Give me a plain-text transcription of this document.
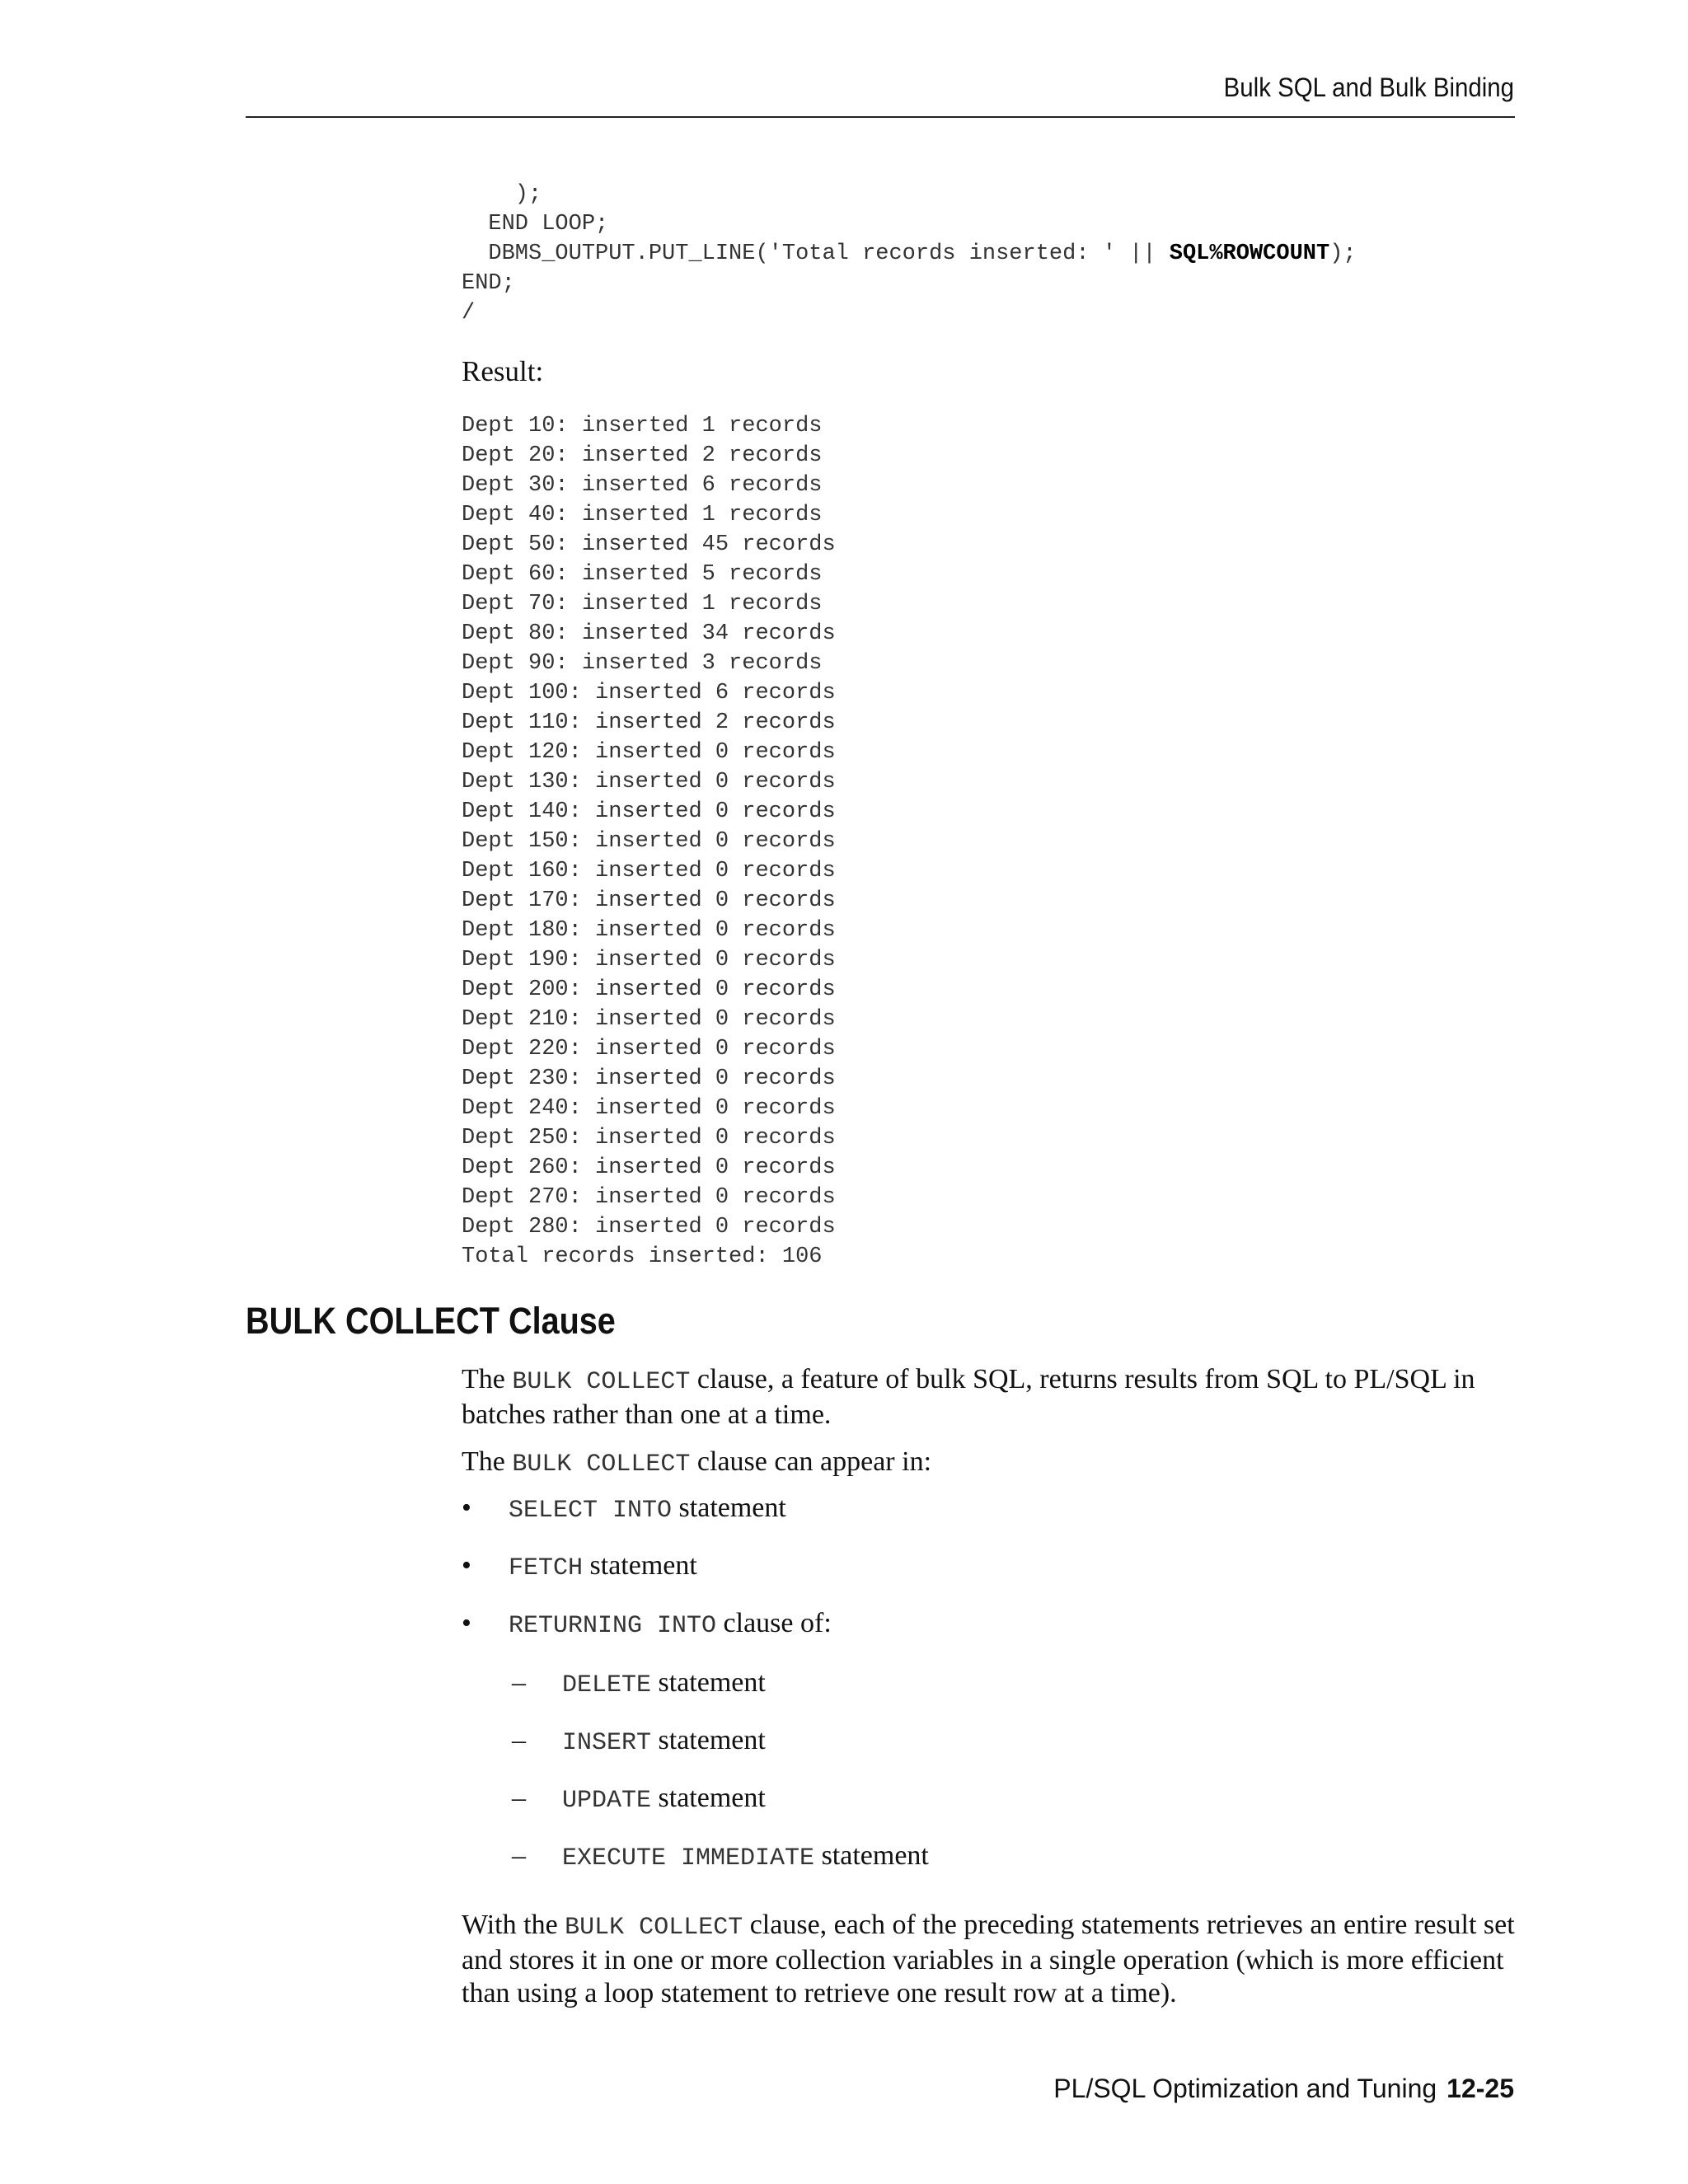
Bulk SQL and Bulk Binding
);
END LOOP;
DBMS_OUTPUT.PUT_LINE('Total records inserted: ' || SQL%ROWCOUNT);
END;
/
Result:
Dept 10: inserted 1 records
Dept 20: inserted 2 records
Dept 30: inserted 6 records
Dept 40: inserted 1 records
Dept 50: inserted 45 records
Dept 60: inserted 5 records
Dept 70: inserted 1 records
Dept 80: inserted 34 records
Dept 90: inserted 3 records
Dept 100: inserted 6 records
Dept 110: inserted 2 records
Dept 120: inserted 0 records
Dept 130: inserted 0 records
Dept 140: inserted 0 records
Dept 150: inserted 0 records
Dept 160: inserted 0 records
Dept 170: inserted 0 records
Dept 180: inserted 0 records
Dept 190: inserted 0 records
Dept 200: inserted 0 records
Dept 210: inserted 0 records
Dept 220: inserted 0 records
Dept 230: inserted 0 records
Dept 240: inserted 0 records
Dept 250: inserted 0 records
Dept 260: inserted 0 records
Dept 270: inserted 0 records
Dept 280: inserted 0 records
Total records inserted: 106
BULK COLLECT Clause
The BULK COLLECT clause, a feature of bulk SQL, returns results from SQL to PL/SQL in batches rather than one at a time.
The BULK COLLECT clause can appear in:
• SELECT INTO statement
• FETCH statement
• RETURNING INTO clause of:
– DELETE statement
– INSERT statement
– UPDATE statement
– EXECUTE IMMEDIATE statement
With the BULK COLLECT clause, each of the preceding statements retrieves an entire result set and stores it in one or more collection variables in a single operation (which is more efficient than using a loop statement to retrieve one result row at a time).
PL/SQL Optimization and Tuning 12-25
